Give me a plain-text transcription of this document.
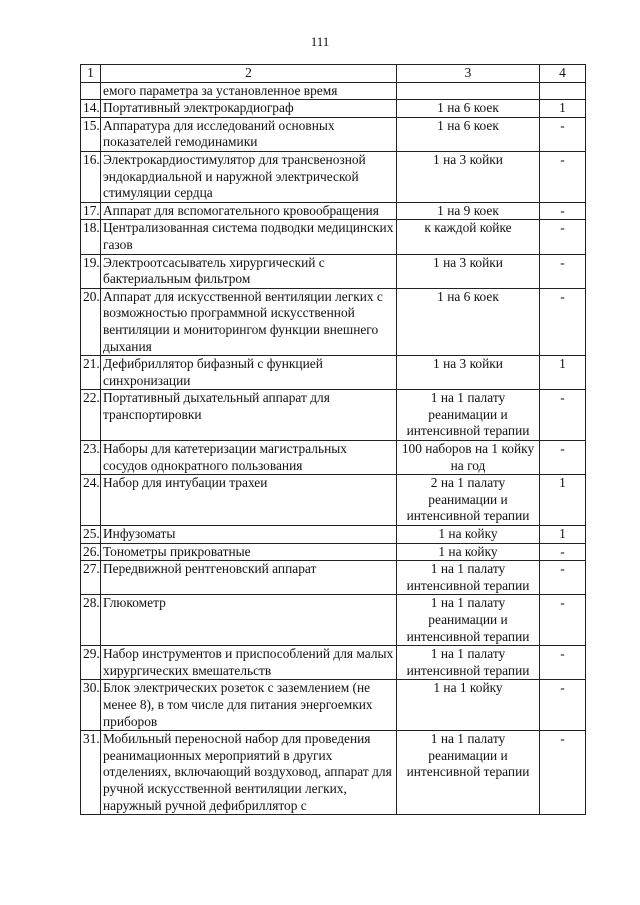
111
1	2	3	4
	емого параметра за установленное время		
14.	Портативный электрокардиограф	1 на 6 коек	1
15.	Аппаратура для исследований основных показателей гемодинамики	1 на 6 коек	-
16.	Электрокардиостимулятор для трансвенозной эндокардиальной и наружной электрической стимуляции сердца	1 на 3 койки	-
17.	Аппарат для вспомогательного кровообращения	1 на 9 коек	-
18.	Централизованная система подводки медицинских газов	к каждой койке	-
19.	Электроотсасыватель хирургический с бактериальным фильтром	1 на 3 койки	-
20.	Аппарат для искусственной вентиляции легких с возможностью программной искусственной вентиляции и мониторингом функции внешнего дыхания	1 на 6 коек	-
21.	Дефибриллятор бифазный с функцией синхронизации	1 на 3 койки	1
22.	Портативный дыхательный аппарат для транспортировки	1 на 1 палату реанимации и интенсивной терапии	-
23.	Наборы для катетеризации магистральных сосудов однократного пользования	100 наборов на 1 койку на год	-
24.	Набор для интубации трахеи	2 на 1 палату реанимации и интенсивной терапии	1
25.	Инфузоматы	1 на койку	1
26.	Тонометры прикроватные	1 на койку	-
27.	Передвижной рентгеновский аппарат	1 на 1 палату интенсивной терапии	-
28.	Глюкометр	1 на 1 палату реанимации и интенсивной терапии	-
29.	Набор инструментов и приспособлений для малых хирургических вмешательств	1 на 1 палату интенсивной терапии	-
30.	Блок электрических розеток с заземлением (не менее 8), в том числе для питания энергоемких приборов	1 на 1 койку	-
31.	Мобильный переносной набор для проведения реанимационных мероприятий в других отделениях, включающий воздуховод, аппарат для ручной искусственной вентиляции легких, наружный ручной дефибриллятор с	1 на 1 палату реанимации и интенсивной терапии	-
